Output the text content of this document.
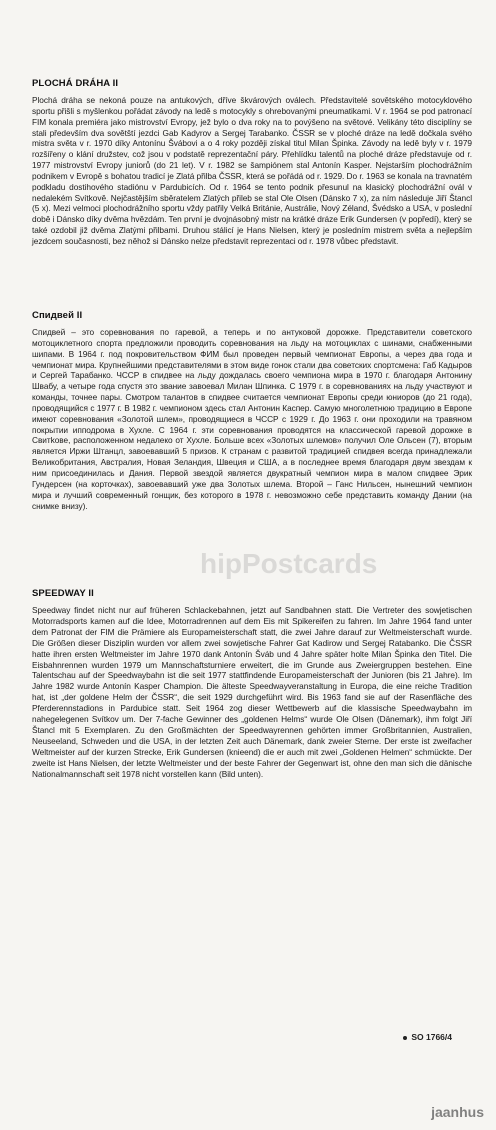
PLOCHÁ DRÁHA II

Plochá dráha se nekoná pouze na antukových, dříve škvárových oválech. Představitelé sovětského motocyklového sportu přišli s myšlenkou pořádat závody na ledě s motocykly s ohrebovanými pneumatikami. V r. 1964 se pod patronací FIM konala premiéra jako mistrovství Evropy, jež bylo o dva roky na to povýšeno na světové. Velikány této disciplíny se stali především dva sovětští jezdci Gab Kadyrov a Sergej Tarabanko. ČSSR se v ploché dráze na ledě dočkala svého mistra světa v r. 1970 díky Antonínu Švábovi a o 4 roky později získal titul Milan Špinka. Závody na ledě byly v r. 1979 rozšířeny o klání družstev, což jsou v podstatě reprezentační páry. Přehlídku talentů na ploché dráze představuje od r. 1977 mistrovství Evropy juniorů (do 21 let). V r. 1982 se šampiónem stal Antonín Kasper. Nejstarším plochodrážním podnikem v Evropě s bohatou tradicí je Zlatá přilba ČSSR, která se pořádá od r. 1929. Do r. 1963 se konala na travnatém podkladu dostihového stadiónu v Pardubicích. Od r. 1964 se tento podnik přesunul na klasický plochodrážní ovál v nedalekém Svítkově. Nejčastějším sběratelem Zlatých přileb se stal Ole Olsen (Dánsko 7 x), za ním následuje Jiří Štancl (5 x). Mezi velmoci plochodrážního sportu vždy patřily Velká Británie, Austrálie, Nový Zéland, Švédsko a USA, v poslední době i Dánsko díky dvěma hvězdám. Ten první je dvojnásobný mistr na krátké dráze Erik Gundersen (v popředí), který se také ozdobil již dvěma Zlatými přilbami. Druhou stálicí je Hans Nielsen, který je posledním mistrem světa a nejlepším jezdcem současnosti, bez něhož si Dánsko nelze představit reprezentaci od r. 1978 vůbec představit.

Спидвей II

Спидвей – это соревнования по гаревой, а теперь и по антуковой дорожке. Представители советского мотоциклетного спорта предложили проводить соревнования на льду на мотоциклах с шинами, снабженными шипами. В 1964 г. под покровительством ФИМ был проведен первый чемпионат Европы, а через два года и чемпионат мира. Крупнейшими представителями в этом виде гонок стали два советских спортсмена: Габ Кадыров и Сергей Тарабанко. ЧССР в спидвее на льду дождалась своего чемпиона мира в 1970 г. благодаря Антонину Швабу, а четыре года спустя это звание завоевал Милан Шпинка. С 1979 г. в соревнованиях на льду участвуют и команды, точнее пары. Смотром талантов в спидвее считается чемпионат Европы среди юниоров (до 21 года), проводящийся с 1977 г. В 1982 г. чемпионом здесь стал Антонин Каспер. Самую многолетнюю традицию в Европе имеют соревнования «Золотой шлем», проводящиеся в ЧССР с 1929 г. До 1963 г. они проходили на травяном покрытии ипподрома в Хухле. С 1964 г. эти соревнования проводятся на классической гаревой дорожке в Свитkове, расположенном недалеко от Хухле. Больше всех «Золотых шлемов» получил Оле Ольсен (7), вторым является Иржи Штанцл, завоевавший 5 призов. К странам с развитой традицией спидвея всегда принадлежали Великобритания, Австралия, Новая Зеландия, Швеция и США, а в последнее время благодаря двум звездам к ним присоединилась и Дания. Первой звездой является двукратный чемпион мира в малом спидвее Эрик Гундерсен (на корточках), завоевавший уже два Золотых шлема. Второй – Ганс Нильсен, нынешний чемпион мира и лучший современный гонщик, без которого в 1978 г. невозможно себе представить команду Дании (на снимке внизу).

hipPostcards

SPEEDWAY II

Speedway findet nicht nur auf früheren Schlackebahnen, jetzt auf Sandbahnen statt. Die Vertreter des sowjetischen Motorradsports kamen auf die Idee, Motorradrennen auf dem Eis mit Spikereifen zu fahren. Im Jahre 1964 fand unter dem Patronat der FIM die Prämiere als Europameisterschaft statt, die zwei Jahre darauf zur Weltmeisterschaft wurde. Die Größen dieser Disziplin wurden vor allem zwei sowjetische Fahrer Gat Kadirow und Sergej Ratabanko. Die ČSSR hatte ihren ersten Weltmeister im Jahre 1970 dank Antonín Šváb und 4 Jahre später holte Milan Špinka den Titel. Die Eisbahnrennen wurden 1979 um Mannschaftsturniere erweitert, die im Grunde aus Zweiergruppen bestehen. Eine Talentschau auf der Speedwaybahn ist die seit 1977 stattfindende Europameisterschaft der Junioren (bis 21 Jahre). Im Jahre 1982 wurde Antonín Kasper Champion. Die älteste Speedwayveranstaltung in Europa, die eine reiche Tradition hat, ist „der goldene Helm der ČSSR“, die seit 1929 durchgeführt wird. Bis 1963 fand sie auf der Rasenfläche des Pferderennstadions in Pardubice statt. Seit 1964 zog dieser Wettbewerb auf die klassische Speedwaybahn im nahegelegenen Svítkov um. Der 7-fache Gewinner des „goldenen Helms“ wurde Ole Olsen (Dänemark), ihm folgt Jiří Štancl mit 5 Exemplaren. Zu den Großmächten der Speedwayrennen gehörten immer Großbritannien, Australien, Neuseeland, Schweden und die USA, in der letzten Zeit auch Dänemark, dank zweier Sterne. Der erste ist zweifacher Weltmeister auf der kurzen Strecke, Erik Gundersen (knieend) die er auch mit zwei „Goldenen Helmen“ schmückte. Der zweite ist Hans Nielsen, der letzte Weltmeister und der beste Fahrer der Gegenwart ist, ohne den man sich die dänische Nationalmannschaft seit 1978 nicht vorstellen kann (Bild unten).

SO 1766/4
jaanhus
